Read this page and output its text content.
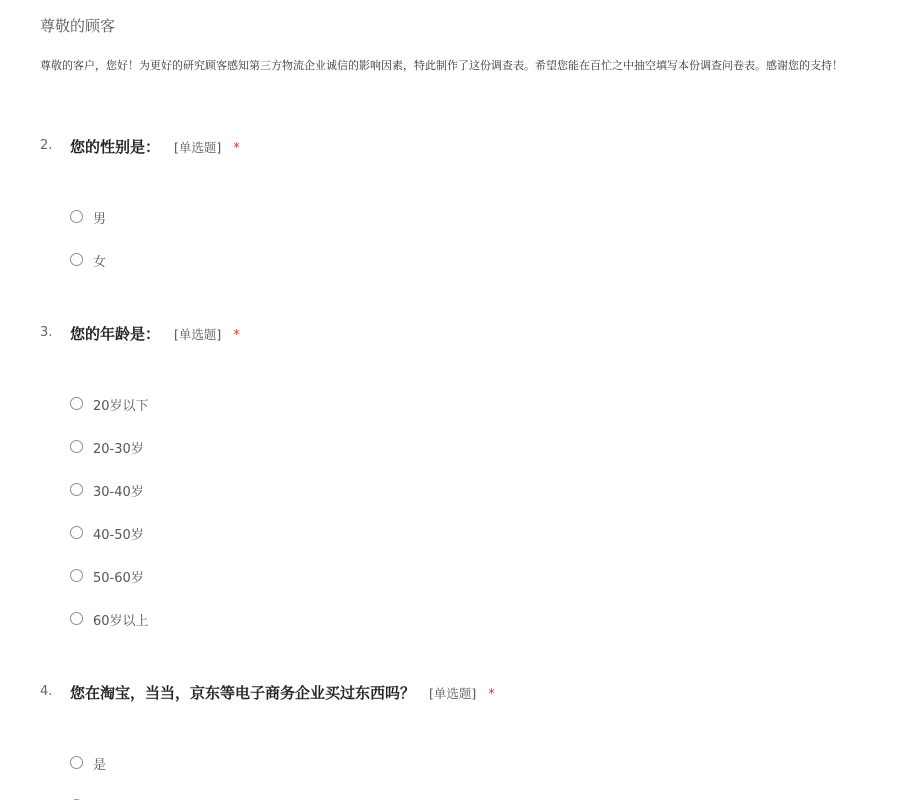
尊敬的顾客
尊敬的客户，您好！为更好的研究顾客感知第三方物流企业诚信的影响因素，特此制作了这份调查表。希望您能在百忙之中抽空填写本份调查问卷表。感谢您的支持！
2. 您的性别是： [单选题] *
男
女
3. 您的年龄是： [单选题] *
20岁以下
20-30岁
30-40岁
40-50岁
50-60岁
60岁以上
4. 您在淘宝，当当，京东等电子商务企业买过东西吗？ [单选题] *
是
